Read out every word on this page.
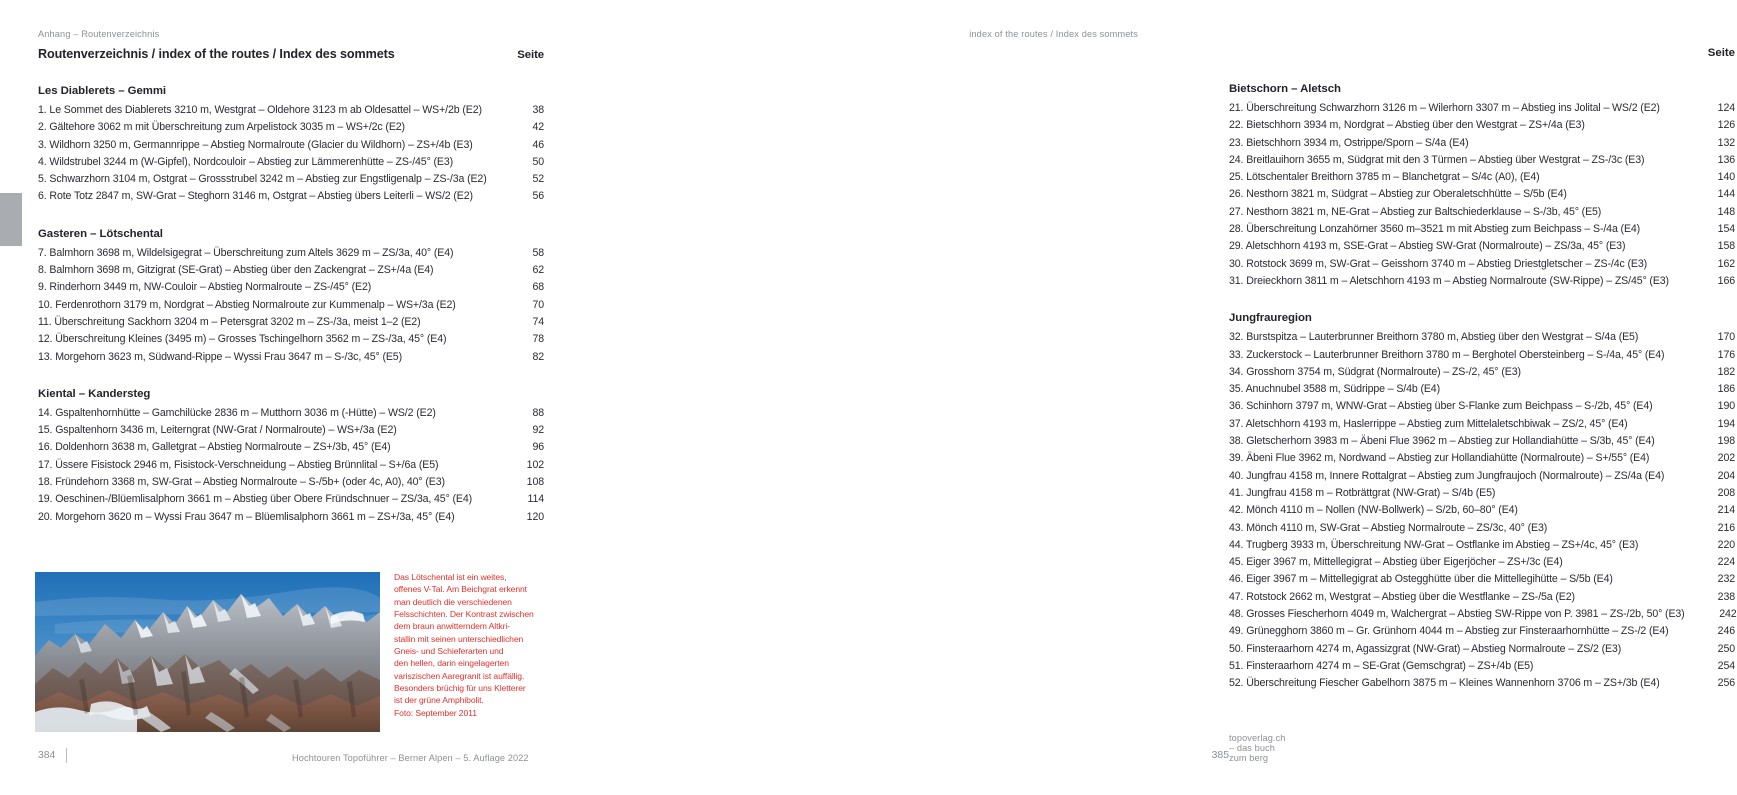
Anhang – Routenverzeichnis
Routenverzeichnis / index of the routes / Index des sommets	Seite
Les Diablerets – Gemmi
1. Le Sommet des Diablerets 3210 m, Westgrat – Oldehore 3123 m ab Oldesattel – WS+/2b (E2)	38
2. Gältehore 3062 m mit Überschreitung zum Arpelistock 3035 m – WS+/2c (E2)	42
3. Wildhorn 3250 m, Germannrippe – Abstieg Normalroute (Glacier du Wildhorn) – ZS+/4b (E3)	46
4. Wildstrubel 3244 m (W-Gipfel), Nordcouloir – Abstieg zur Lämmerenhütte – ZS-/45° (E3)	50
5. Schwarzhorn 3104 m, Ostgrat – Grossstrubel 3242 m – Abstieg zur Engstligenalp – ZS-/3a (E2)	52
6. Rote Totz 2847 m, SW-Grat – Steghorn 3146 m, Ostgrat – Abstieg übers Leiterli – WS/2 (E2)	56
Gasteren – Lötschental
7. Balmhorn 3698 m, Wildelsigegrat – Überschreitung zum Altels 3629 m – ZS/3a, 40° (E4)	58
8. Balmhorn 3698 m, Gitzigrat (SE-Grat) – Abstieg über den Zackengrat – ZS+/4a (E4)	62
9. Rinderhorn 3449 m, NW-Couloir – Abstieg Normalroute – ZS-/45° (E2)	68
10. Ferdenrothorn 3179 m, Nordgrat – Abstieg Normalroute zur Kummenalp – WS+/3a (E2)	70
11. Überschreitung Sackhorn 3204 m – Petersgrat 3202 m – ZS-/3a, meist 1–2 (E2)	74
12. Überschreitung Kleines (3495 m) – Grosses Tschingelhorn 3562 m – ZS-/3a, 45° (E4)	78
13. Morgehorn 3623 m, Südwand-Rippe – Wyssi Frau 3647 m – S-/3c, 45° (E5)	82
Kiental – Kandersteg
14. Gspaltenhornhütte – Gamchilücke 2836 m – Mutthorn 3036 m (-Hütte) – WS/2 (E2)	88
15. Gspaltenhorn 3436 m, Leiterngrat (NW-Grat / Normalroute) – WS+/3a (E2)	92
16. Doldenhorn 3638 m, Galletgrat – Abstieg Normalroute – ZS+/3b, 45° (E4)	96
17. Üssere Fisistock 2946 m, Fisistock-Verschneidung – Abstieg Brünnlital – S+/6a (E5)	102
18. Fründehorn 3368 m, SW-Grat – Abstieg Normalroute – S-/5b+ (oder 4c, A0), 40° (E3)	108
19. Oeschinen-/Blüemlisalphorn 3661 m – Abstieg über Obere Fründschnuer – ZS/3a, 45° (E4)	114
20. Morgehorn 3620 m – Wyssi Frau 3647 m – Blüemlisalphorn 3661 m – ZS+/3a, 45° (E4)	120

Das Lötschental ist ein weites,

offenes V-Tal. Am Beichgrat erkennt

man deutlich die verschiedenen

Felsschichten. Der Kontrast zwischen

dem braun anwitterndem Altkri-

stallin mit seinen unterschiedlichen

Gneis- und Schieferarten und

den hellen, darin eingelagerten

variszischen Aaregranit ist auffällig.

Besonders brüchig für uns Kletterer

ist der grüne Amphibolit.

Foto: September 2011

384	Hochtouren Topoführer – Berner Alpen – 5. Auflage 2022
index of the routes / Index des sommets
Seite
Bietschorn – Aletsch
21. Überschreitung Schwarzhorn 3126 m – Wilerhorn 3307 m – Abstieg ins Jolital – WS/2 (E2)	124
22. Bietschhorn 3934 m, Nordgrat – Abstieg über den Westgrat – ZS+/4a (E3)	126
23. Bietschhorn 3934 m, Ostrippe/Sporn – S/4a (E4)	132
24. Breitlauihorn 3655 m, Südgrat mit den 3 Türmen – Abstieg über Westgrat – ZS-/3c (E3)	136
25. Lötschentaler Breithorn 3785 m – Blanchetgrat – S/4c (A0), (E4)	140
26. Nesthorn 3821 m, Südgrat – Abstieg zur Oberaletschhütte – S/5b (E4)	144
27. Nesthorn 3821 m, NE-Grat – Abstieg zur Baltschiederklause – S-/3b, 45° (E5)	148
28. Überschreitung Lonzahörner 3560 m–3521 m mit Abstieg zum Beichpass – S-/4a (E4)	154
29. Aletschhorn 4193 m, SSE-Grat – Abstieg SW-Grat (Normalroute) – ZS/3a, 45° (E3)	158
30. Rotstock 3699 m, SW-Grat – Geisshorn 3740 m – Abstieg Driestgletscher – ZS-/4c (E3)	162
31. Dreieckhorn 3811 m – Aletschhorn 4193 m – Abstieg Normalroute (SW-Rippe) – ZS/45° (E3)	166
Jungfrauregion
32. Burstspitza – Lauterbrunner Breithorn 3780 m, Abstieg über den Westgrat – S/4a (E5)	170
33. Zuckerstock – Lauterbrunner Breithorn 3780 m – Berghotel Obersteinberg – S-/4a, 45° (E4)	176
34. Grosshorn 3754 m, Südgrat (Normalroute) – ZS-/2, 45° (E3)	182
35. Anuchnubel 3588 m, Südrippe – S/4b (E4)	186
36. Schinhorn 3797 m, WNW-Grat – Abstieg über S-Flanke zum Beichpass – S-/2b, 45° (E4)	190
37. Aletschhorn 4193 m, Haslerrippe – Abstieg zum Mittelaletschbiwak – ZS/2, 45° (E4)	194
38. Gletscherhorn 3983 m – Äbeni Flue 3962 m – Abstieg zur Hollandiahütte – S/3b, 45° (E4)	198
39. Äbeni Flue 3962 m, Nordwand – Abstieg zur Hollandiahütte (Normalroute) – S+/55° (E4)	202
40. Jungfrau 4158 m, Innere Rottalgrat – Abstieg zum Jungfraujoch (Normalroute) – ZS/4a (E4)	204
41. Jungfrau 4158 m – Rotbrättgrat (NW-Grat) – S/4b (E5)	208
42. Mönch 4110 m – Nollen (NW-Bollwerk) – S/2b, 60–80° (E4)	214
43. Mönch 4110 m, SW-Grat – Abstieg Normalroute – ZS/3c, 40° (E3)	216
44. Trugberg 3933 m, Überschreitung NW-Grat – Ostflanke im Abstieg – ZS+/4c, 45° (E3)	220
45. Eiger 3967 m, Mittellegigrat – Abstieg über Eigerjöcher – ZS+/3c (E4)	224
46. Eiger 3967 m – Mittellegigrat ab Ostegghütte über die Mittellegihütte – S/5b (E4)	232
47. Rotstock 2662 m, Westgrat – Abstieg über die Westflanke – ZS-/5a (E2)	238
48. Grosses Fiescherhorn 4049 m, Walchergrat – Abstieg SW-Rippe von P. 3981 – ZS-/2b, 50° (E3)	242
49. Grünegghorn 3860 m – Gr. Grünhorn 4044 m – Abstieg zur Finsteraarhornhütte – ZS-/2 (E4)	246
50. Finsteraarhorn 4274 m, Agassizgrat (NW-Grat) – Abstieg Normalroute – ZS/2 (E3)	250
51. Finsteraarhorn 4274 m – SE-Grat (Gemschgrat) – ZS+/4b (E5)	254
52. Überschreitung Fiescher Gabelhorn 3875 m – Kleines Wannenhorn 3706 m – ZS+/3b (E4)	256
385
topoverlag.ch – das buch zum berg
